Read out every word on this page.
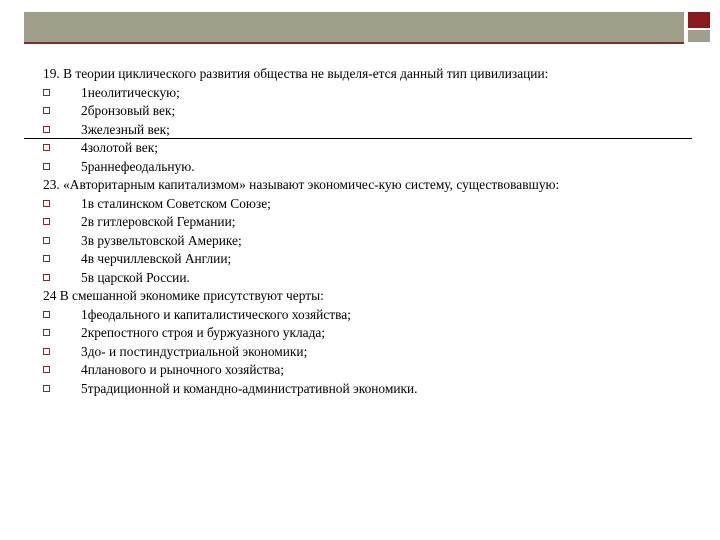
19. В теории циклического развития общества не выделя-ется данный тип цивилизации:
1неолитическую;
2бронзовый век;
3железный век;
4золотой век;
5раннефеодальную.
23. «Авторитарным капитализмом» называют экономичес-кую систему, существовавшую:
1в сталинском Советском Союзе;
2в гитлеровской Германии;
3в рузвельтовской Америке;
4в черчиллевской Англии;
5в царской России.
24 В смешанной экономике присутствуют черты:
1феодального и капиталистического хозяйства;
2крепостного строя и буржуазного уклада;
3до- и постиндустриальной экономики;
4планового и рыночного хозяйства;
5традиционной и командно-административной экономики.
